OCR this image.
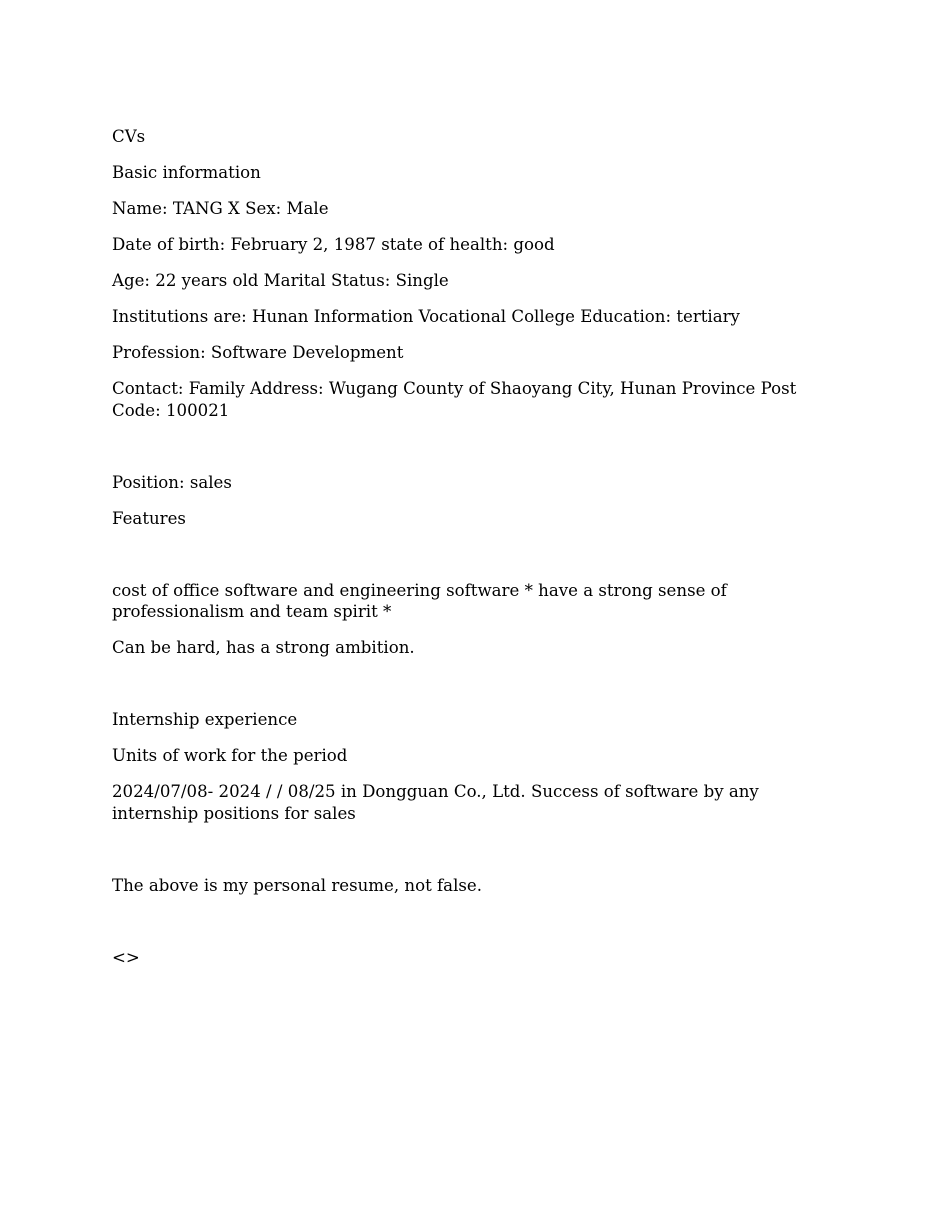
CVs

Basic information

Name: TANG X Sex: Male

Date of birth: February 2, 1987 state of health: good

Age: 22 years old Marital Status: Single

Institutions are: Hunan Information Vocational College Education: tertiary

Profession: Software Development

Contact: Family Address: Wugang County of Shaoyang City, Hunan Province Post Code: 100021

Position: sales

Features

cost of office software and engineering software * have a strong sense of professionalism and team spirit *

Can be hard, has a strong ambition.

Internship experience

Units of work for the period

2024/07/08- 2024 / / 08/25 in Dongguan Co., Ltd. Success of software by any internship positions for sales

The above is my personal resume, not false.

<>
